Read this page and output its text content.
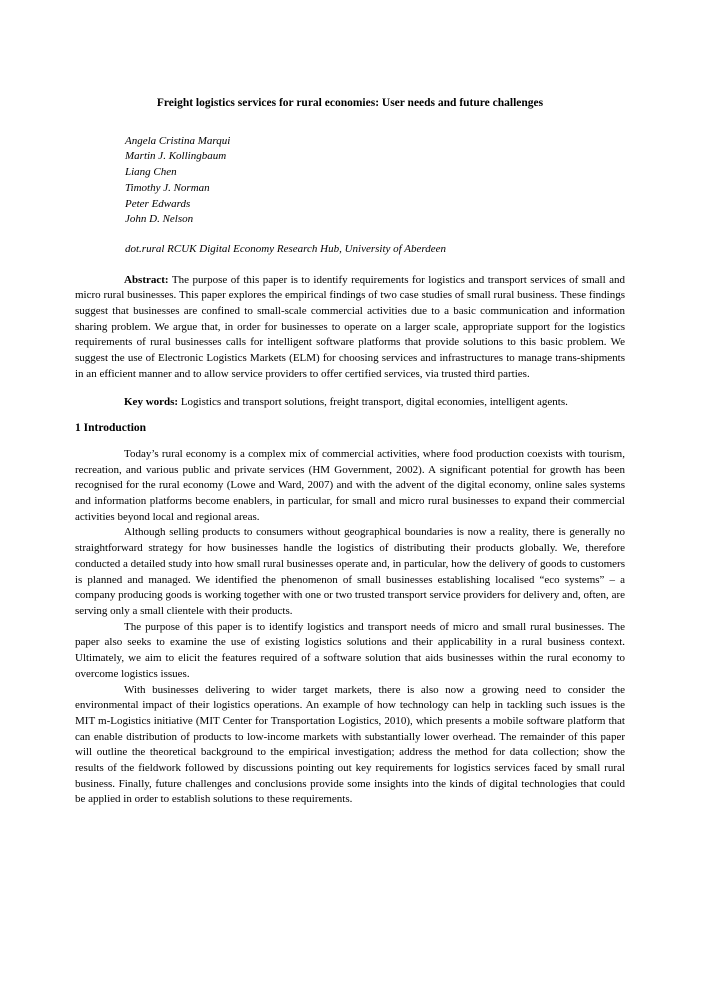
Freight logistics services for rural economies: User needs and future challenges
Angela Cristina Marqui
Martin J. Kollingbaum
Liang Chen
Timothy J. Norman
Peter Edwards
John D. Nelson
dot.rural RCUK Digital Economy Research Hub, University of Aberdeen

Abstract: The purpose of this paper is to identify requirements for logistics and transport services of small and micro rural businesses. This paper explores the empirical findings of two case studies of small rural business. These findings suggest that businesses are confined to small-scale commercial activities due to a basic communication and information sharing problem. We argue that, in order for businesses to operate on a larger scale, appropriate support for the logistics requirements of rural businesses calls for intelligent software platforms that provide solutions to this basic problem. We suggest the use of Electronic Logistics Markets (ELM) for choosing services and infrastructures to manage trans-shipments in an efficient manner and to allow service providers to offer certified services, via trusted third parties.

Key words: Logistics and transport solutions, freight transport, digital economies, intelligent agents.

1 Introduction

Today’s rural economy is a complex mix of commercial activities, where food production coexists with tourism, recreation, and various public and private services (HM Government, 2002). A significant potential for growth has been recognised for the rural economy (Lowe and Ward, 2007) and with the advent of the digital economy, online sales systems and information platforms become enablers, in particular, for small and micro rural businesses to expand their commercial activities beyond local and regional areas.

Although selling products to consumers without geographical boundaries is now a reality, there is generally no straightforward strategy for how businesses handle the logistics of distributing their products globally. We, therefore conducted a detailed study into how small rural businesses operate and, in particular, how the delivery of goods to customers is planned and managed. We identified the phenomenon of small businesses establishing localised “eco systems” – a company producing goods is working together with one or two trusted transport service providers for delivery and, often, are serving only a small clientele with their products.

The purpose of this paper is to identify logistics and transport needs of micro and small rural businesses. The paper also seeks to examine the use of existing logistics solutions and their applicability in a rural business context. Ultimately, we aim to elicit the features required of a software solution that aids businesses within the rural economy to overcome logistics issues.

With businesses delivering to wider target markets, there is also now a growing need to consider the environmental impact of their logistics operations. An example of how technology can help in tackling such issues is the MIT m-Logistics initiative (MIT Center for Transportation Logistics, 2010), which presents a mobile software platform that can enable distribution of products to low-income markets with substantially lower overhead. The remainder of this paper will outline the theoretical background to the empirical investigation; address the method for data collection; show the results of the fieldwork followed by discussions pointing out key requirements for logistics services faced by small rural business. Finally, future challenges and conclusions provide some insights into the kinds of digital technologies that could be applied in order to establish solutions to these requirements.
